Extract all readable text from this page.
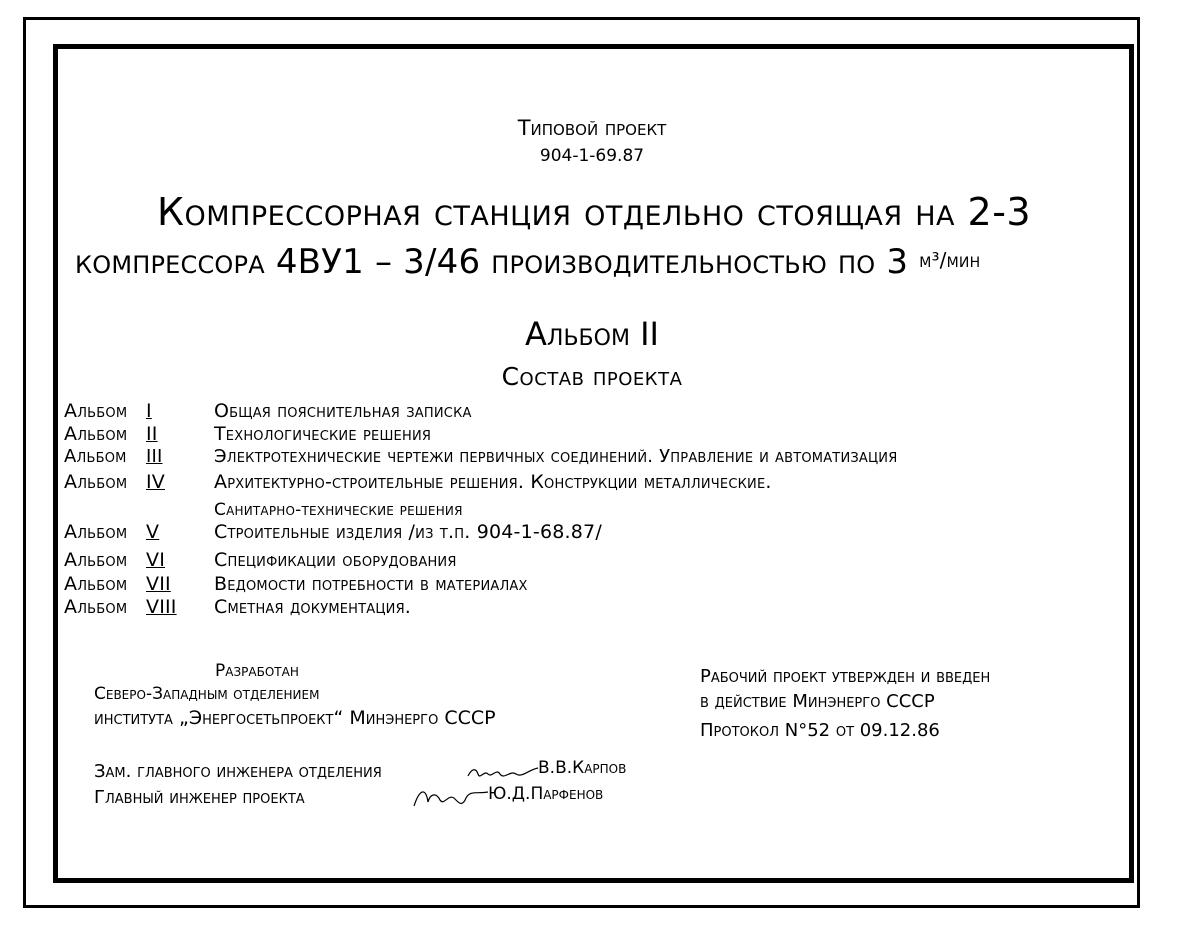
Типовой проект
904-1-69.87
Компрессорная станция отдельно стоящая на 2-3
компрессора 4ВУ1 – 3/46 производительностью по 3 м³/мин
Альбом ІІ
Состав проекта
Альбом І	Общая пояснительная записка
Альбом ІІ	Технологические решения
Альбом ІІІ	Электротехнические чертежи первичных соединений. Управление и автоматизация
Альбом ІV	Архитектурно-строительные решения. Конструкции металлические.
Санитарно-технические решения
Альбом V	Строительные изделия /из т.п. 904-1-68.87/
Альбом VІ	Спецификации оборудования
Альбом VІІ Ведомости потребности в материалах
Альбом VІІІ Сметная документация.
Разработан
Северо-Западным отделением
института „Энергосетьпроект“ Минэнерго СССР
Рабочий проект утвержден и введен
в действие Минэнерго СССР
Протокол N°52 от 09.12.86
Зам. главного инженера отделения	В.В.Карпов
Главный инженер проекта	Ю.Д.Парфенов
